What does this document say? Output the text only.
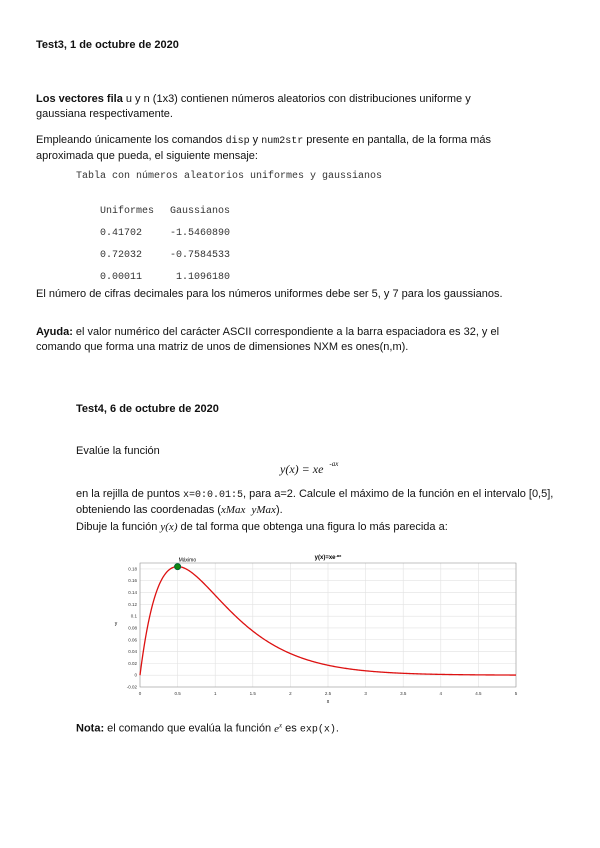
Test3, 1 de octubre de 2020
Los vectores fila u y n (1x3) contienen números aleatorios con distribuciones uniforme y gaussiana respectivamente.
Empleando únicamente los comandos disp y num2str presente en pantalla, de la forma más aproximada que pueda, el siguiente mensaje:
Tabla con números aleatorios uniformes y gaussianos

Uniformes Gaussianos

0.41702	-1.5460890

0.72032	-0.7584533

0.00011	1.1096180

El número de cifras decimales para los números uniformes debe ser 5, y 7 para los gaussianos.
Ayuda: el valor numérico del carácter ASCII correspondiente a la barra espaciadora es 32, y el comando que forma una matriz de unos de dimensiones NXM es ones(n,m).
Test4, 6 de octubre de 2020
Evalúe la función
y(x) = xe $^{-ax}$
en la rejilla de puntos x=0:0.01:5, para a=2. Calcule el máximo de la función en el intervalo [0,5], obteniendo las coordenadas (xMax yMax).
Dibuje la función y(x) de tal forma que obtenga una figura lo más parecida a:
0	0.5	1	1.5	2	2.5	3	3.5	4	4.5	5
-0.02
0
0.02
0.04
0.06
0.08
0.1
0.12
0.14
0.16
0.18
Máximo	$y(x)=xe^{-ax}$
x
y
Nota: el comando que evalúa la función $e^x$ es exp(x).
